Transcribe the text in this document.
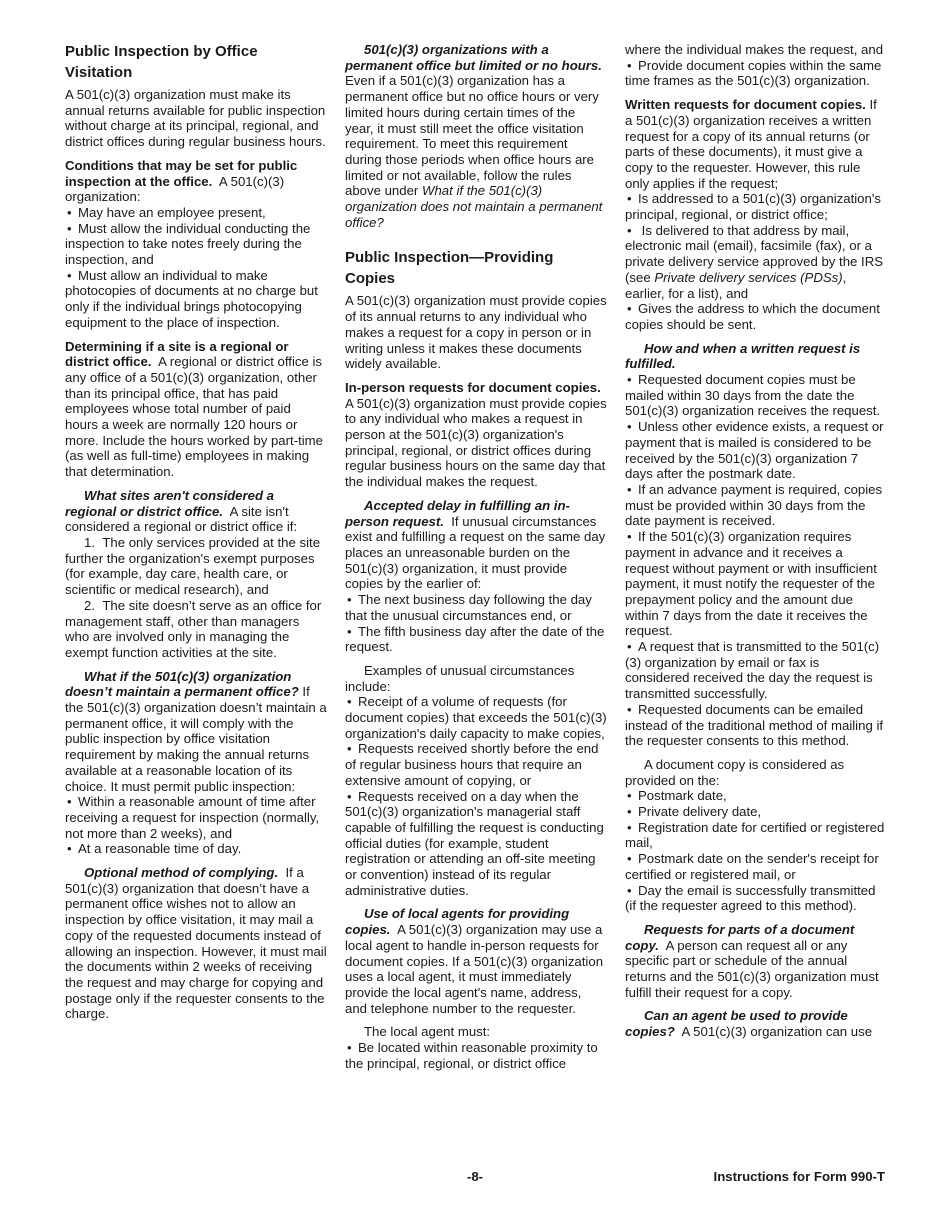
Public Inspection by Office Visitation

A 501(c)(3) organization must make its annual returns available for public inspection without charge at its principal, regional, and district offices during regular business hours.

Conditions that may be set for public inspection at the office. A 501(c)(3) organization:

• May have an employee present,
• Must allow the individual conducting the inspection to take notes freely during the inspection, and
• Must allow an individual to make photocopies of documents at no charge but only if the individual brings photocopying equipment to the place of inspection.

Determining if a site is a regional or district office. A regional or district office is any office of a 501(c)(3) organization, other than its principal office, that has paid employees whose total number of paid hours a week are normally 120 hours or more. Include the hours worked by part-time (as well as full-time) employees in making that determination.

What sites aren't considered a regional or district office. A site isn't considered a regional or district office if:

1.  The only services provided at the site further the organization's exempt purposes (for example, day care, health care, or scientific or medical research), and

2.  The site doesn’t serve as an office for management staff, other than managers who are involved only in managing the exempt function activities at the site.

What if the 501(c)(3) organization doesn’t maintain a permanent office? If the 501(c)(3) organization doesn’t maintain a permanent office, it will comply with the public inspection by office visitation requirement by making the annual returns available at a reasonable location of its choice. It must permit public inspection:

• Within a reasonable amount of time after receiving a request for inspection (normally, not more than 2 weeks), and
• At a reasonable time of day.

Optional method of complying. If a 501(c)(3) organization that doesn’t have a permanent office wishes not to allow an inspection by office visitation, it may mail a copy of the requested documents instead of allowing an inspection. However, it must mail the documents within 2 weeks of receiving the request and may charge for copying and postage only if the requester consents to the charge.

501(c)(3) organizations with a permanent office but limited or no hours.  Even if a 501(c)(3) organization has a permanent office but no office hours or very limited hours during certain times of the year, it must still meet the office visitation requirement. To meet this requirement during those periods when office hours are limited or not available, follow the rules above under What if the 501(c)(3) organization does not maintain a permanent office?

Public Inspection—Providing Copies

A 501(c)(3) organization must provide copies of its annual returns to any individual who makes a request for a copy in person or in writing unless it makes these documents widely available.

In-person requests for document copies.  A 501(c)(3) organization must provide copies to any individual who makes a request in person at the 501(c)(3) organization's principal, regional, or district offices during regular business hours on the same day that the individual makes the request.

Accepted delay in fulfilling an in-person request. If unusual circumstances exist and fulfilling a request on the same day places an unreasonable burden on the 501(c)(3) organization, it must provide copies by the earlier of:

• The next business day following the day that the unusual circumstances end, or
• The fifth business day after the date of the request.

Examples of unusual circumstances include:

• Receipt of a volume of requests (for document copies) that exceeds the 501(c)(3) organization's daily capacity to make copies,
• Requests received shortly before the end of regular business hours that require an extensive amount of copying, or
• Requests received on a day when the 501(c)(3) organization's managerial staff capable of fulfilling the request is conducting official duties (for example, student registration or attending an off-site meeting or convention) instead of its regular administrative duties.

Use of local agents for providing copies. A 501(c)(3) organization may use a local agent to handle in-person requests for document copies. If a 501(c)(3) organization uses a local agent, it must immediately provide the local agent's name, address, and telephone number to the requester.

The local agent must:

• Be located within reasonable proximity to the principal, regional, or district office

where the individual makes the request, and

• Provide document copies within the same time frames as the 501(c)(3) organization.

Written requests for document copies. If a 501(c)(3) organization receives a written request for a copy of its annual returns (or parts of these documents), it must give a copy to the requester. However, this rule only applies if the request;

• Is addressed to a 501(c)(3) organization's principal, regional, or district office;
• Is delivered to that address by mail, electronic mail (email), facsimile (fax), or a private delivery service approved by the IRS (see Private delivery services (PDSs), earlier, for a list), and
• Gives the address to which the document copies should be sent.

How and when a written request is fulfilled.

• Requested document copies must be mailed within 30 days from the date the 501(c)(3) organization receives the request.
• Unless other evidence exists, a request or payment that is mailed is considered to be received by the 501(c)(3) organization 7 days after the postmark date.
• If an advance payment is required, copies must be provided within 30 days from the date payment is received.
• If the 501(c)(3) organization requires payment in advance and it receives a request without payment or with insufficient payment, it must notify the requester of the prepayment policy and the amount due within 7 days from the date it receives the request.
• A request that is transmitted to the 501(c)(3) organization by email or fax is considered received the day the request is transmitted successfully.
• Requested documents can be emailed instead of the traditional method of mailing if the requester consents to this method.

A document copy is considered as provided on the:

• Postmark date,
• Private delivery date,
• Registration date for certified or registered mail,
• Postmark date on the sender's receipt for certified or registered mail, or
• Day the email is successfully transmitted (if the requester agreed to this method).

Requests for parts of a document copy. A person can request all or any specific part or schedule of the annual returns and the 501(c)(3) organization must fulfill their request for a copy.

Can an agent be used to provide copies? A 501(c)(3) organization can use

-8-	Instructions for Form 990-T
